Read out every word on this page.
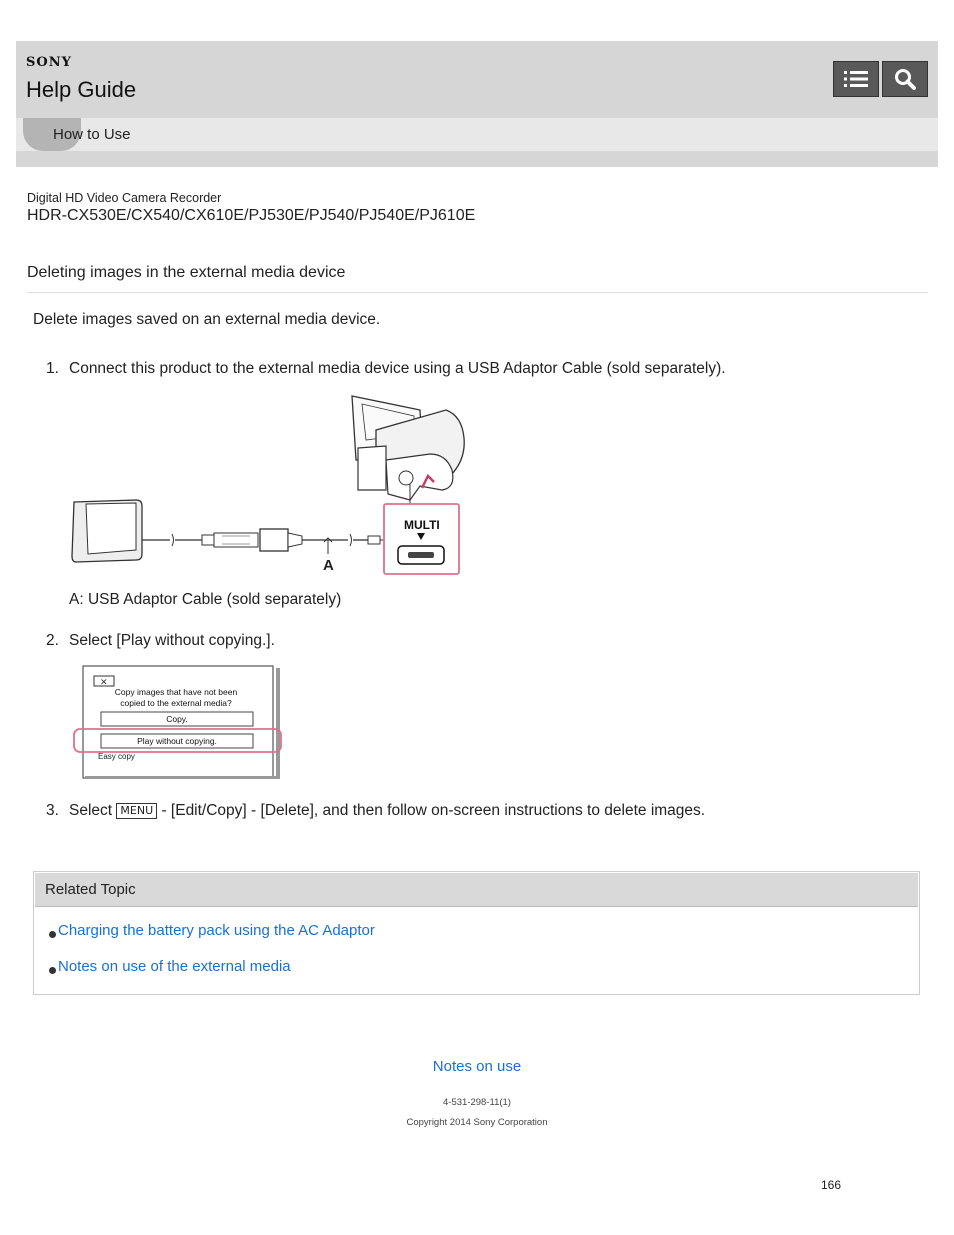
SONY
Help Guide
How to Use
Digital HD Video Camera Recorder
HDR-CX530E/CX540/CX610E/PJ530E/PJ540/PJ540E/PJ610E
Deleting images in the external media device
Delete images saved on an external media device.
1. Connect this product to the external media device using a USB Adaptor Cable (sold separately).
A
MULTI
A: USB Adaptor Cable (sold separately)
2. Select [Play without copying.].
✕
Copy images that have not been
copied to the external media?
Copy.
Play without copying.
Easy copy
3. Select MENU - [Edit/Copy] - [Delete], and then follow on-screen instructions to delete images.
Related Topic
Charging the battery pack using the AC Adaptor
Notes on use of the external media
Notes on use
4-531-298-11(1)
Copyright 2014 Sony Corporation
166
